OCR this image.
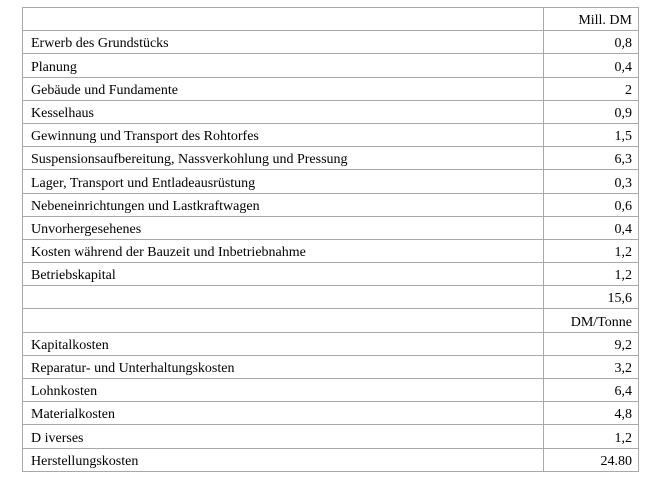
	Mill. DM
Erwerb des Grundstücks	0,8
Planung	0,4
Gebäude und Fundamente	2
Kesselhaus	0,9
Gewinnung und Transport des Rohtorfes	1,5
Suspensionsaufbereitung, Nassverkohlung und Pressung	6,3
Lager, Transport und Entladeausrüstung	0,3
Nebeneinrichtungen und Lastkraftwagen	0,6
Unvorhergesehenes	0,4
Kosten während der Bauzeit und Inbetriebnahme	1,2
Betriebskapital	1,2
	15,6
	DM/Tonne
Kapitalkosten	9,2
Reparatur- und Unterhaltungskosten	3,2
Lohnkosten	6,4
Materialkosten	4,8
D iverses	1,2
Herstellungskosten	24.80
